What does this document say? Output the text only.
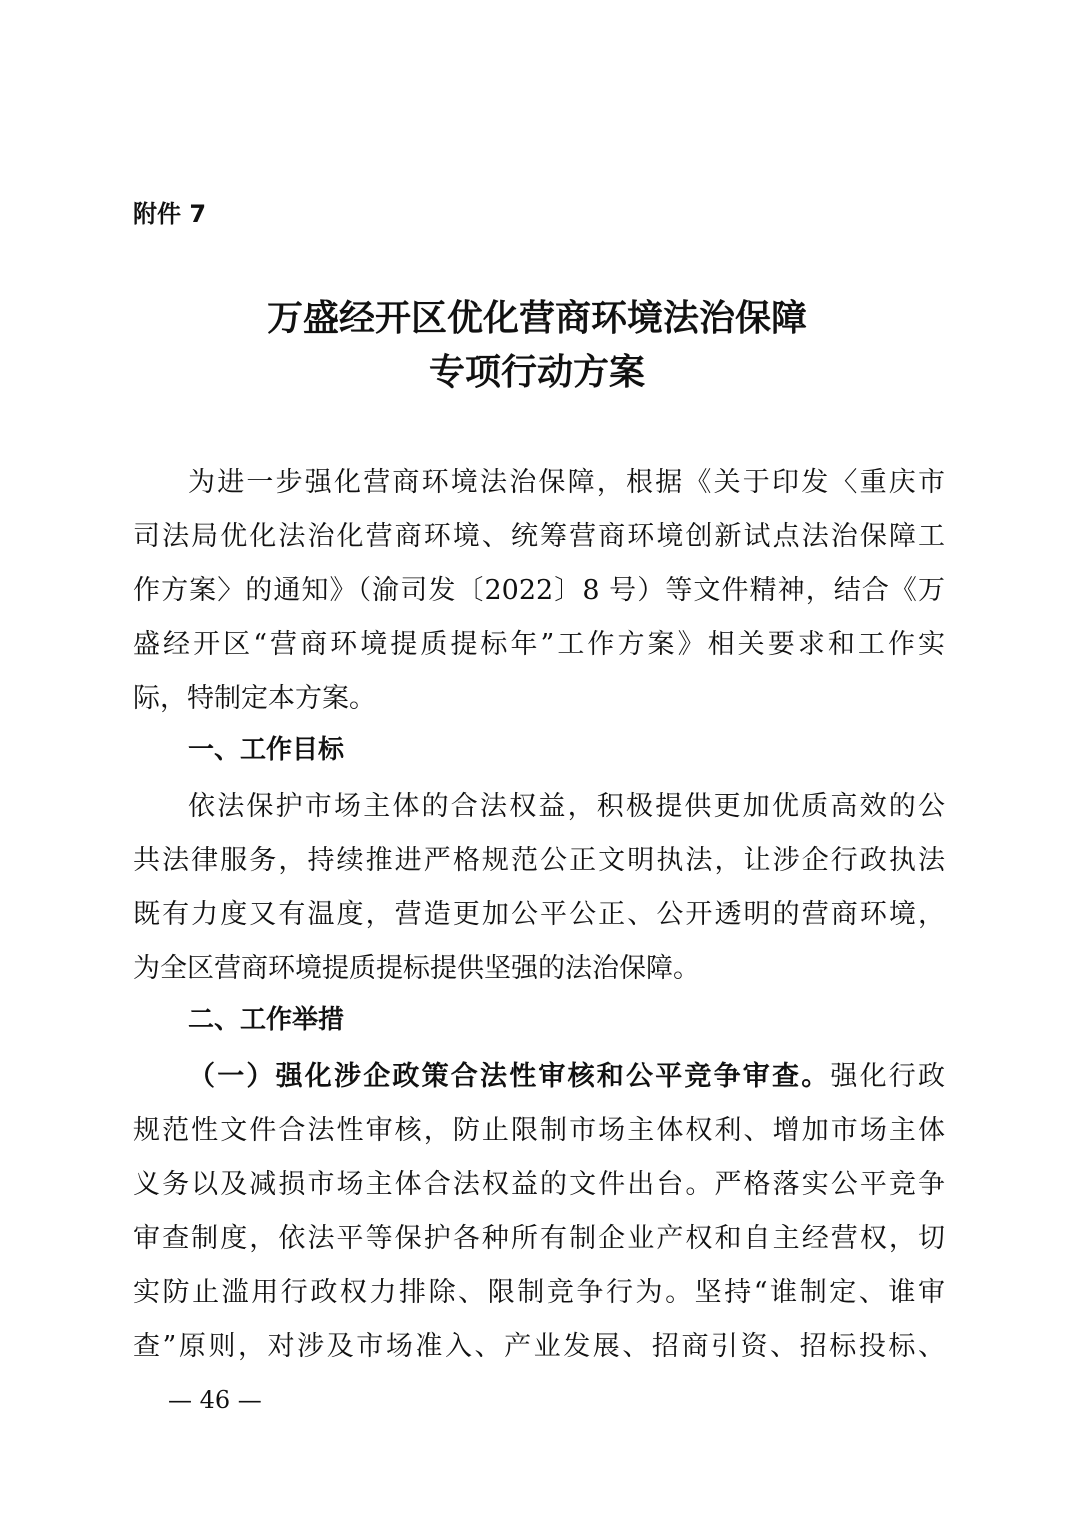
附件 7
万盛经开区优化营商环境法治保障
专项行动方案
为进一步强化营商环境法治保障，根据《关于印发〈重庆市
司法局优化法治化营商环境、统筹营商环境创新试点法治保障工
作方案〉的通知》（渝司发〔2022〕8 号）等文件精神，结合《万
盛经开区“营商环境提质提标年”工作方案》相关要求和工作实
际，特制定本方案。
一、工作目标
依法保护市场主体的合法权益，积极提供更加优质高效的公
共法律服务，持续推进严格规范公正文明执法，让涉企行政执法
既有力度又有温度，营造更加公平公正、公开透明的营商环境，
为全区营商环境提质提标提供坚强的法治保障。
二、工作举措
（一）强化涉企政策合法性审核和公平竞争审查。强化行政
规范性文件合法性审核，防止限制市场主体权利、增加市场主体
义务以及减损市场主体合法权益的文件出台。严格落实公平竞争
审查制度，依法平等保护各种所有制企业产权和自主经营权，切
实防止滥用行政权力排除、限制竞争行为。坚持“谁制定、谁审
查”原则，对涉及市场准入、产业发展、招商引资、招标投标、
— 46 —
